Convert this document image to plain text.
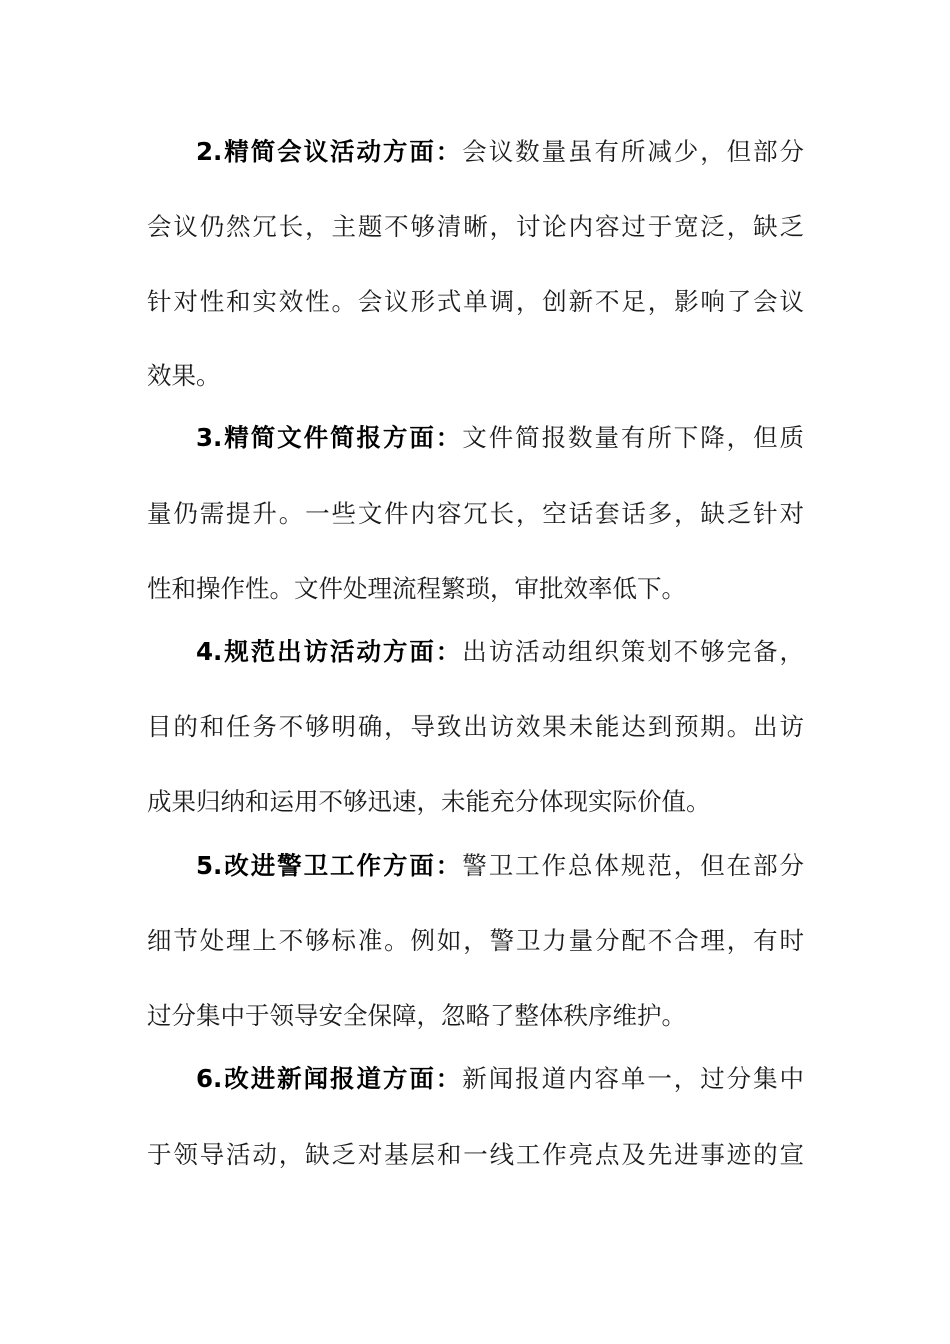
2.精简会议活动方面：会议数量虽有所减少，但部分
会议仍然冗长，主题不够清晰，讨论内容过于宽泛，缺乏
针对性和实效性。会议形式单调，创新不足，影响了会议
效果。
3.精简文件简报方面：文件简报数量有所下降，但质
量仍需提升。一些文件内容冗长，空话套话多，缺乏针对
性和操作性。文件处理流程繁琐，审批效率低下。
4.规范出访活动方面：出访活动组织策划不够完备，
目的和任务不够明确，导致出访效果未能达到预期。出访
成果归纳和运用不够迅速，未能充分体现实际价值。
5.改进警卫工作方面：警卫工作总体规范，但在部分
细节处理上不够标准。例如，警卫力量分配不合理，有时
过分集中于领导安全保障，忽略了整体秩序维护。
6.改进新闻报道方面：新闻报道内容单一，过分集中
于领导活动，缺乏对基层和一线工作亮点及先进事迹的宣
